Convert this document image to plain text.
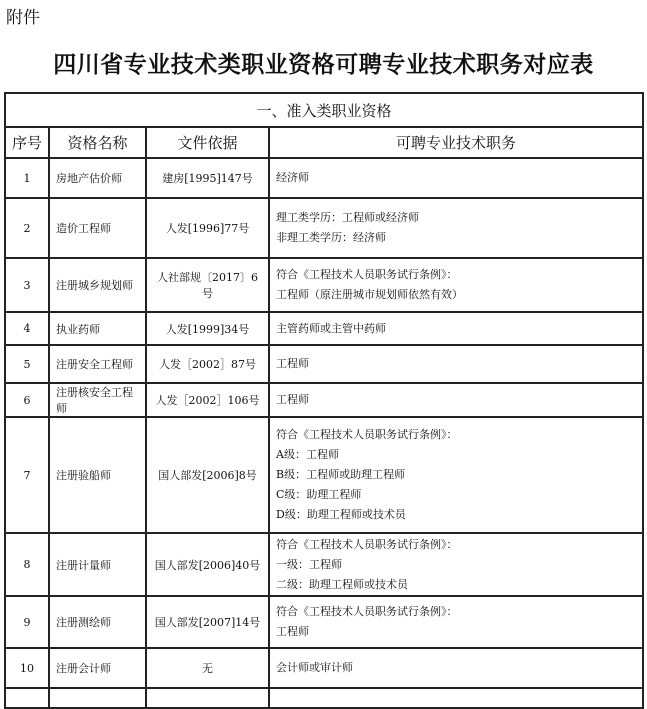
附件
四川省专业技术类职业资格可聘专业技术职务对应表
一、准入类职业资格			
序号	资格名称	文件依据	可聘专业技术职务
1	房地产估价师	建房[1995]147号	经济师

2	造价工程师	人发[1996]77号	理工类学历：工程师或经济师
非理工类学历：经济师

3	注册城乡规划师	人社部规〔2017〕6号	符合《工程技术人员职务试行条例》：
工程师（原注册城市规划师依然有效）

4	执业药师	人发[1999]34号	主管药师或主管中药师

5	注册安全工程师	人发［2002］87号	工程师

6	注册核安全工程师	人发［2002］106号	工程师

7	注册验船师	国人部发[2006]8号	符合《工程技术人员职务试行条例》：
A级：工程师
B级：工程师或助理工程师
C级：助理工程师
D级：助理工程师或技术员

8	注册计量师	国人部发[2006]40号	符合《工程技术人员职务试行条例》：
一级：工程师
二级：助理工程师或技术员

9	注册测绘师	国人部发[2007]14号	符合《工程技术人员职务试行条例》：
工程师

10	注册会计师	无	会计师或审计师
